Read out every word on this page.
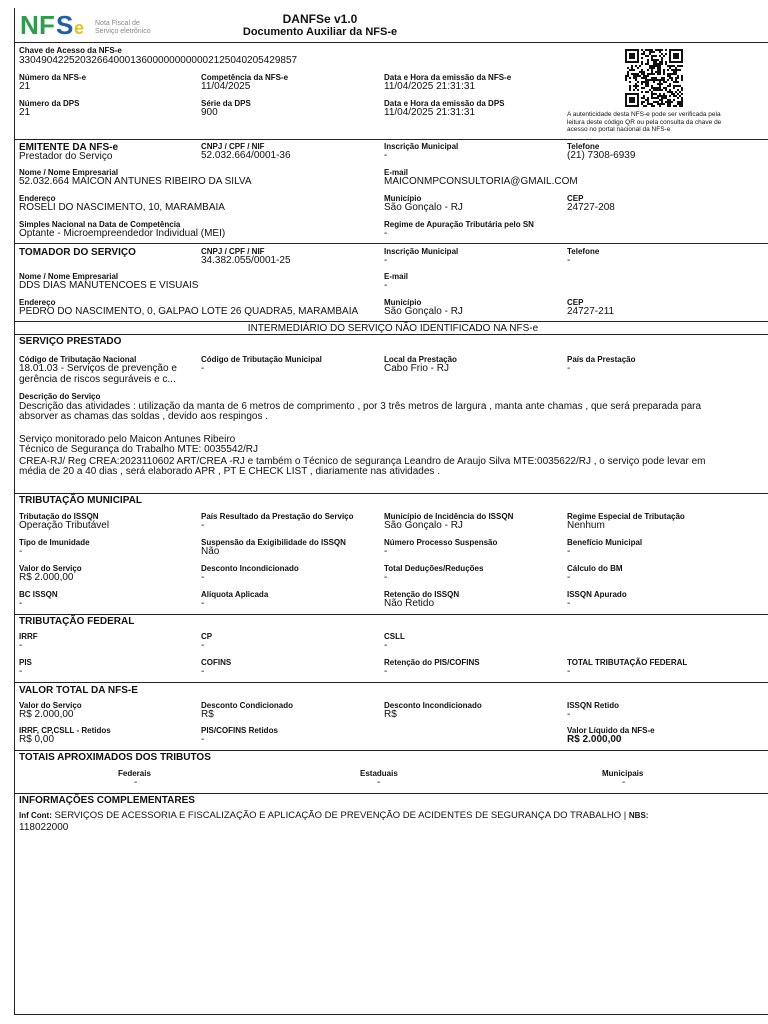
N F S e Nota Fiscal de
Serviço eletrônico
DANFSe v1.0
Documento Auxiliar da NFS-e
Chave de Acesso da NFS-e
33049042252032664000136000000000002125040205429857
Número da NFS-e
21
Competência da NFS-e
11/04/2025
Data e Hora da emissão da NFS-e
11/04/2025 21:31:31
Número da DPS
21
Série da DPS
900
Data e Hora da emissão da DPS
11/04/2025 21:31:31	A autenticidade desta NFS-e pode ser verificada pela leitura deste código QR ou pela consulta da chave de acesso no portal nacional da NFS-e
EMITENTE DA NFS-e
Prestador do Serviço
CNPJ / CPF / NIF
52.032.664/0001-36
Inscrição Municipal
-
Telefone
(21) 7308-6939
Nome / Nome Empresarial
52.032.664 MAICON ANTUNES RIBEIRO DA SILVA
E-mail
MAICONMPCONSULTORIA@GMAIL.COM
Endereço
ROSELI DO NASCIMENTO, 10, MARAMBAIA
Município
São Gonçalo - RJ
CEP
24727-208
Simples Nacional na Data de Competência
Optante - Microempreendedor Individual (MEI)
Regime de Apuração Tributária pelo SN
-
TOMADOR DO SERVIÇO	CNPJ / CPF / NIF
34.382.055/0001-25
Inscrição Municipal
-
Telefone
-
Nome / Nome Empresarial
DDS DIAS MANUTENCOES E VISUAIS
E-mail
-
Endereço
PEDRO DO NASCIMENTO, 0, GALPAO LOTE 26 QUADRA5, MARAMBAIA
Município
São Gonçalo - RJ
CEP
24727-211
INTERMEDIÁRIO DO SERVIÇO NÃO IDENTIFICADO NA NFS-e
SERVIÇO PRESTADO
Código de Tributação Nacional
18.01.03 - Serviços de prevenção e
gerência de riscos seguráveis e c...
Código de Tributação Municipal
-
Local da Prestação
Cabo Frio - RJ
País da Prestação
-
Descrição do Serviço
Descrição das atividades : utilização da manta de 6 metros de comprimento , por 3 três metros de largura , manta ante chamas , que será preparada para
absorver as chamas das soldas , devido aos respingos .
Serviço monitorado pelo Maicon Antunes Ribeiro
Técnico de Segurança do Trabalho MTE: 0035542/RJ
CREA-RJ/ Reg CREA:2023110602 ART/CREA -RJ e também o Técnico de segurança Leandro de Araujo Silva MTE:0035622/RJ , o serviço pode levar em
média de 20 a 40 dias , será elaborado APR , PT E CHECK LIST , diariamente nas atividades .
TRIBUTAÇÃO MUNICIPAL
Tributação do ISSQN
Operação Tributável
País Resultado da Prestação do Serviço
-
Município de Incidência do ISSQN
São Gonçalo - RJ
Regime Especial de Tributação
Nenhum
Tipo de Imunidade
-
Suspensão da Exigibilidade do ISSQN
Não
Número Processo Suspensão
-
Benefício Municipal
-
Valor do Serviço
R$ 2.000,00
Desconto Incondicionado
-
Total Deduções/Reduções
-
Cálculo do BM
-
BC ISSQN
-
Alíquota Aplicada
-
Retenção do ISSQN
Não Retido
ISSQN Apurado
-
TRIBUTAÇÃO FEDERAL
IRRF
-
CP
-
CSLL
-
PIS
-
COFINS
-
Retenção do PIS/COFINS
-
TOTAL TRIBUTAÇÃO FEDERAL
-
VALOR TOTAL DA NFS-E
Valor do Serviço
R$ 2.000,00
Desconto Condicionado
R$
Desconto Incondicionado
R$
ISSQN Retido
-
IRRF, CP,CSLL - Retidos
R$ 0,00
PIS/COFINS Retidos
-
Valor Líquido da NFS-e
R$ 2.000,00
TOTAIS APROXIMADOS DOS TRIBUTOS
Federais
-
Estaduais
-
Municipais
-
INFORMAÇÕES COMPLEMENTARES
Inf Cont: SERVIÇOS DE ACESSORIA E FISCALIZAÇÃO E APLICAÇÃO DE PREVENÇÃO DE ACIDENTES DE SEGURANÇA DO TRABALHO | NBS:
118022000
